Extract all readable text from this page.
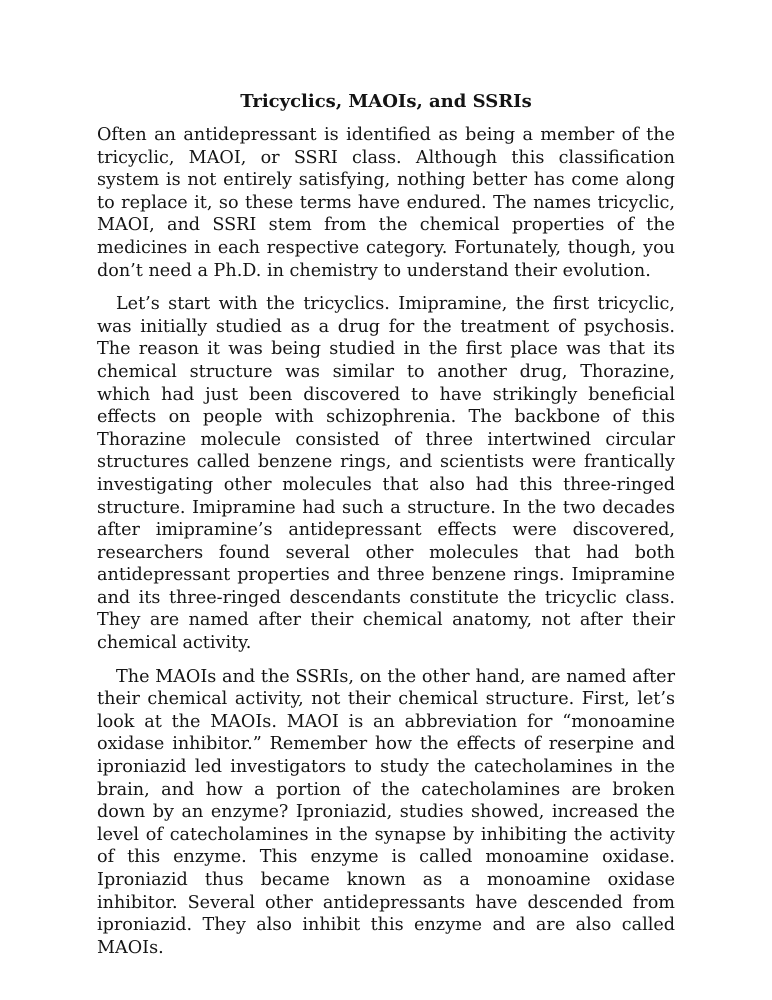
Tricyclics, MAOIs, and SSRIs

Often an antidepressant is identified as being a member of the tricyclic, MAOI, or SSRI class. Although this classification system is not entirely satisfying, nothing better has come along to replace it, so these terms have endured. The names tricyclic, MAOI, and SSRI stem from the chemical properties of the medicines in each respective category. Fortunately, though, you don’t need a Ph.D. in chemistry to understand their evolution.

Let’s start with the tricyclics. Imipramine, the first tricyclic, was initially studied as a drug for the treatment of psychosis. The reason it was being studied in the first place was that its chemical structure was similar to another drug, Thorazine, which had just been discovered to have strikingly beneficial effects on people with schizophrenia. The backbone of this Thorazine molecule consisted of three intertwined circular structures called benzene rings, and scientists were frantically investigating other molecules that also had this three-ringed structure. Imipramine had such a structure. In the two decades after imipramine’s antidepressant effects were discovered, researchers found several other molecules that had both antidepressant properties and three benzene rings. Imipramine and its three-ringed descendants constitute the tricyclic class. They are named after their chemical anatomy, not after their chemical activity.

The MAOIs and the SSRIs, on the other hand, are named after their chemical activity, not their chemical structure. First, let’s look at the MAOIs. MAOI is an abbreviation for “monoamine oxidase inhibitor.” Remember how the effects of reserpine and iproniazid led investigators to study the catecholamines in the brain, and how a portion of the catecholamines are broken down by an enzyme? Iproniazid, studies showed, increased the level of catecholamines in the synapse by inhibiting the activity of this enzyme. This enzyme is called monoamine oxidase. Iproniazid thus became known as a monoamine oxidase inhibitor. Several other antidepressants have descended from iproniazid. They also inhibit this enzyme and are also called MAOIs.
